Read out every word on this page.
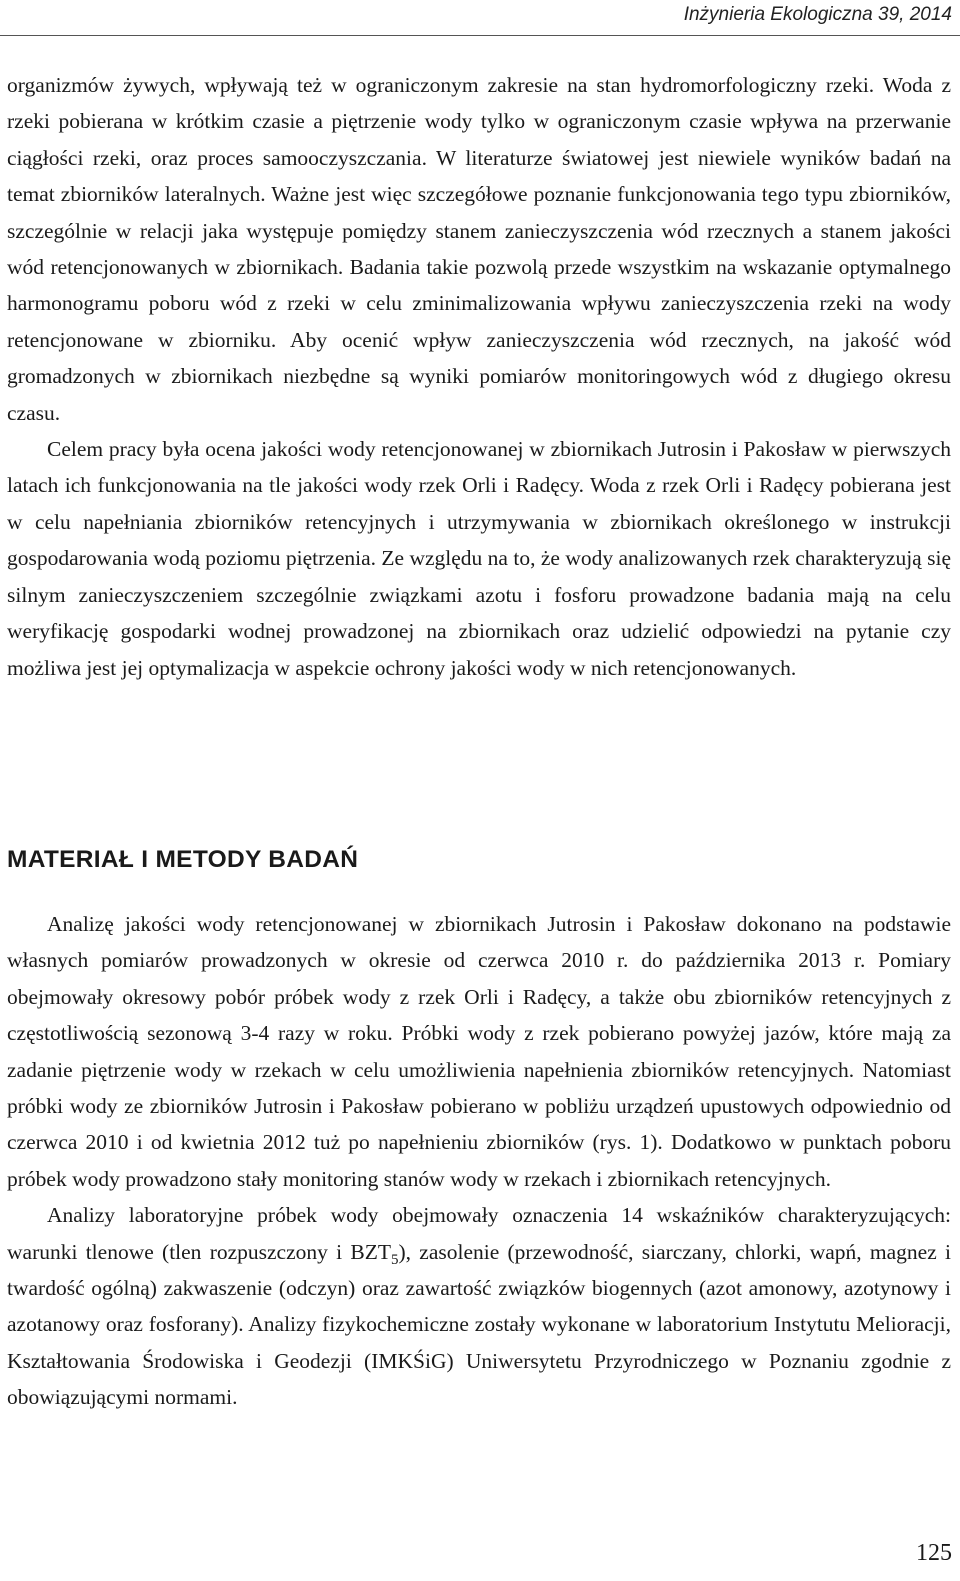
Inżynieria Ekologiczna 39, 2014

organizmów żywych, wpływają też w ograniczonym zakresie na stan hydromorfologiczny rzeki. Woda z rzeki pobierana w krótkim czasie a piętrzenie wody tylko w ograniczonym czasie wpływa na przerwanie ciągłości rzeki, oraz proces samooczyszczania. W literaturze światowej jest niewiele wyników badań na temat zbiorników lateralnych. Ważne jest więc szczegółowe poznanie funkcjonowania tego typu zbiorników, szczególnie w relacji jaka występuje pomiędzy stanem zanieczyszczenia wód rzecznych a stanem jakości wód retencjonowanych w zbiornikach. Badania takie pozwolą przede wszystkim na wskazanie optymalnego harmonogramu poboru wód z rzeki w celu zminimalizowania wpływu zanieczyszczenia rzeki na wody retencjonowane w zbiorniku. Aby ocenić wpływ zanieczyszczenia wód rzecznych, na jakość wód gromadzonych w zbiornikach niezbędne są wyniki pomiarów monitoringowych wód z długiego okresu czasu.

Celem pracy była ocena jakości wody retencjonowanej w zbiornikach Jutrosin i Pakosław w pierwszych latach ich funkcjonowania na tle jakości wody rzek Orli i Radęcy. Woda z rzek Orli i Radęcy pobierana jest w celu napełniania zbiorników retencyjnych i utrzymywania w zbiornikach określonego w instrukcji gospodarowania wodą poziomu piętrzenia. Ze względu na to, że wody analizowanych rzek charakteryzują się silnym zanieczyszczeniem szczególnie związkami azotu i fosforu prowadzone badania mają na celu weryfikację gospodarki wodnej prowadzonej na zbiornikach oraz udzielić odpowiedzi na pytanie czy możliwa jest jej optymalizacja w aspekcie ochrony jakości wody w nich retencjonowanych.

MATERIAŁ I METODY BADAŃ

Analizę jakości wody retencjonowanej w zbiornikach Jutrosin i Pakosław dokonano na podstawie własnych pomiarów prowadzonych w okresie od czerwca 2010 r. do października 2013 r. Pomiary obejmowały okresowy pobór próbek wody z rzek Orli i Radęcy, a także obu zbiorników retencyjnych z częstotliwością sezonową 3-4 razy w roku. Próbki wody z rzek pobierano powyżej jazów, które mają za zadanie piętrzenie wody w rzekach w celu umożliwienia napełnienia zbiorników retencyjnych. Natomiast próbki wody ze zbiorników Jutrosin i Pakosław pobierano w pobliżu urządzeń upustowych odpowiednio od czerwca 2010 i od kwietnia 2012 tuż po napełnieniu zbiorników (rys. 1). Dodatkowo w punktach poboru próbek wody prowadzono stały monitoring stanów wody w rzekach i zbiornikach retencyjnych.

Analizy laboratoryjne próbek wody obejmowały oznaczenia 14 wskaźników charakteryzujących: warunki tlenowe (tlen rozpuszczony i $BZT_5$), zasolenie (przewodność, siarczany, chlorki, wapń, magnez i twardość ogólną) zakwaszenie (odczyn) oraz zawartość związków biogennych (azot amonowy, azotynowy i azotanowy oraz fosforany). Analizy fizykochemiczne zostały wykonane w laboratorium Instytutu Melioracji, Kształtowania Środowiska i Geodezji (IMKŚiG) Uniwersytetu Przyrodniczego w Poznaniu zgodnie z obowiązującymi normami.

125
